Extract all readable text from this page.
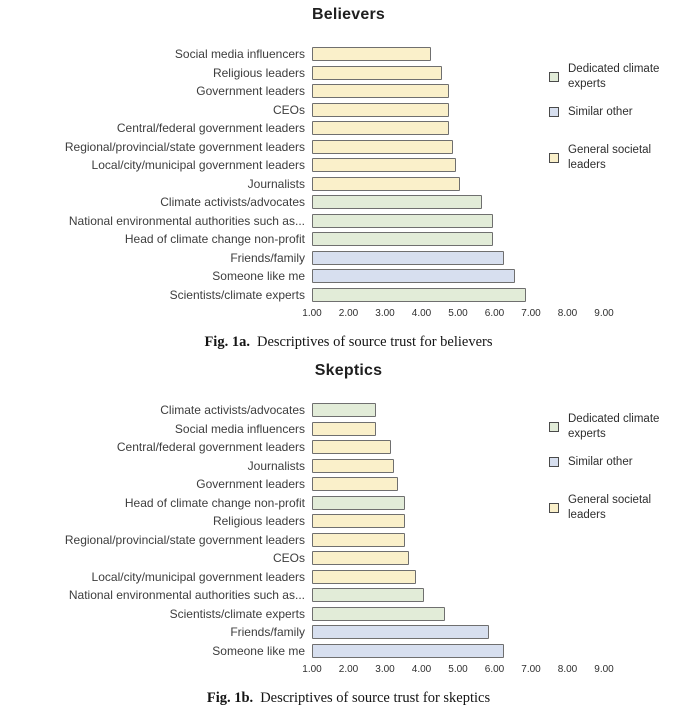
Believers
Social media influencers
Religious leaders
Government leaders
CEOs
Central/federal government leaders
Regional/provincial/state government leaders
Local/city/municipal government leaders
Journalists
Climate activists/advocates
National environmental authorities such as...
Head of climate change non-profit
Friends/family
Someone like me
Scientists/climate experts
1.00 2.00 3.00 4.00 5.00 6.00 7.00 8.00 9.00
Dedicated climate experts
Similar other
General societal leaders

Fig. 1a. Descriptives of source trust for believers

Skeptics
Climate activists/advocates
Social media influencers
Central/federal government leaders
Journalists
Government leaders
Head of climate change non-profit
Religious leaders
Regional/provincial/state government leaders
CEOs
Local/city/municipal government leaders
National environmental authorities such as...
Scientists/climate experts
Friends/family
Someone like me
1.00 2.00 3.00 4.00 5.00 6.00 7.00 8.00 9.00
Dedicated climate experts
Similar other
General societal leaders

Fig. 1b. Descriptives of source trust for skeptics
